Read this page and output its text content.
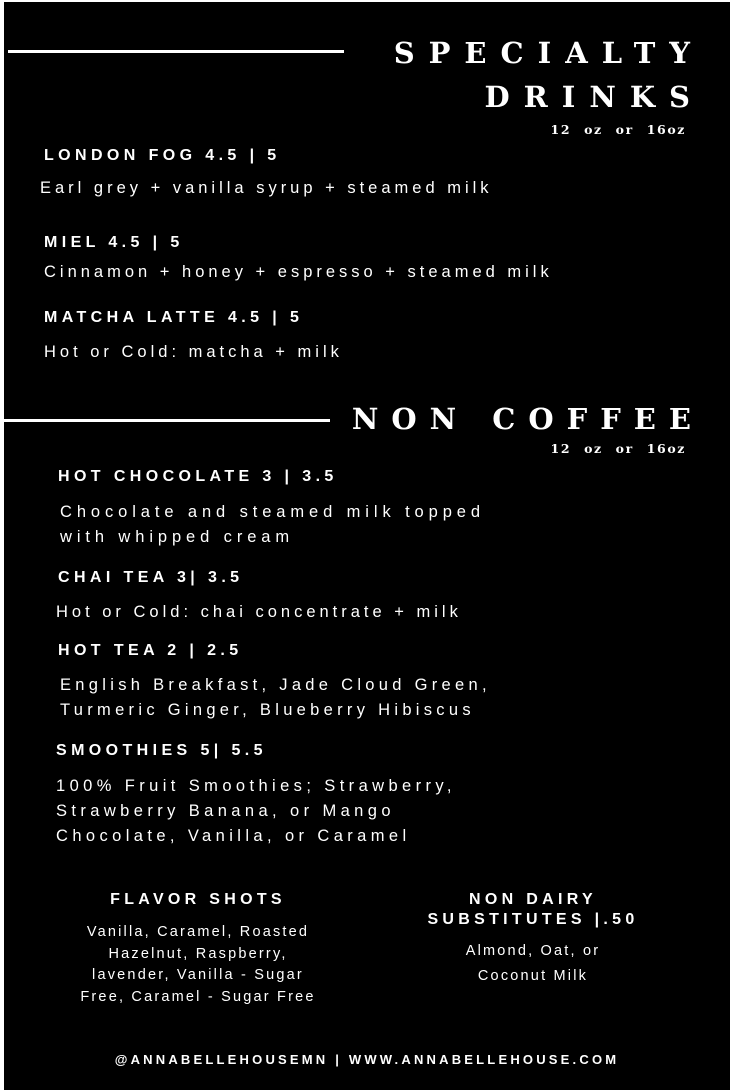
SPECIALTY
DRINKS
12 oz or 16oz
LONDON FOG 4.5 | 5
Earl grey + vanilla syrup + steamed milk
MIEL 4.5 | 5
Cinnamon + honey + espresso + steamed milk
MATCHA LATTE 4.5 | 5
Hot or Cold: matcha + milk
NON COFFEE
12 oz or 16oz
HOT CHOCOLATE 3 | 3.5
Chocolate and steamed milk topped
with whipped cream
CHAI TEA 3| 3.5
Hot or Cold: chai concentrate + milk
HOT TEA 2 | 2.5
English Breakfast, Jade Cloud Green,
Turmeric Ginger, Blueberry Hibiscus
SMOOTHIES 5| 5.5
100% Fruit Smoothies; Strawberry,
Strawberry Banana, or Mango
Chocolate, Vanilla, or Caramel
FLAVOR SHOTS
Vanilla, Caramel, Roasted
Hazelnut, Raspberry,
lavender, Vanilla - Sugar
Free, Caramel - Sugar Free
NON DAIRY
SUBSTITUTES |.50
Almond, Oat, or
Coconut Milk
@ANNABELLEHOUSEMN | WWW.ANNABELLEHOUSE.COM
